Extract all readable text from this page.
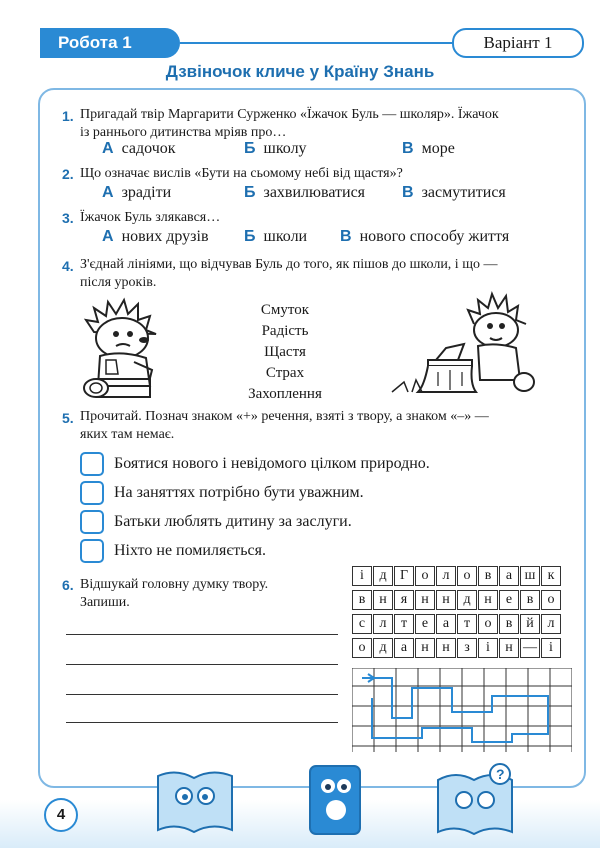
Робота 1	Варіант 1
Дзвіночок кличе у Країну Знань
1. Пригадай твір Маргарити Сурженко «Їжачок Буль — школяр». Їжачок
із раннього дитинства мріяв про…
А садочок	Б школу	В море
2. Що означає вислів «Бути на сьомому небі від щастя»?
А зрадіти	Б захвилюватися В засмутитися
3. Їжачок Буль злякався…
А нових друзів Б школи В нового способу життя
4. З'єднай лініями, що відчував Буль до того, як пішов до школи, і що —
після уроків.
Смуток
Радість
Щастя
Страх
Захоплення
5. Прочитай. Познач знаком «+» речення, взяті з твору, а знаком «–» —
яких там немає.
Боятися нового і невідомого цілком природно.
На заняттях потрібно бути уважним.
Батьки люблять дитину за заслуги.
Ніхто не помиляється.
6. Відшукай головну думку твору.
Запиши.
і	д Г о	л	о	в	а ш к
в н	я	н н д н	е	в	о
с	л	т	е	а	т	о	в й л
о д	а	н н	з	і	н — і
?
4
